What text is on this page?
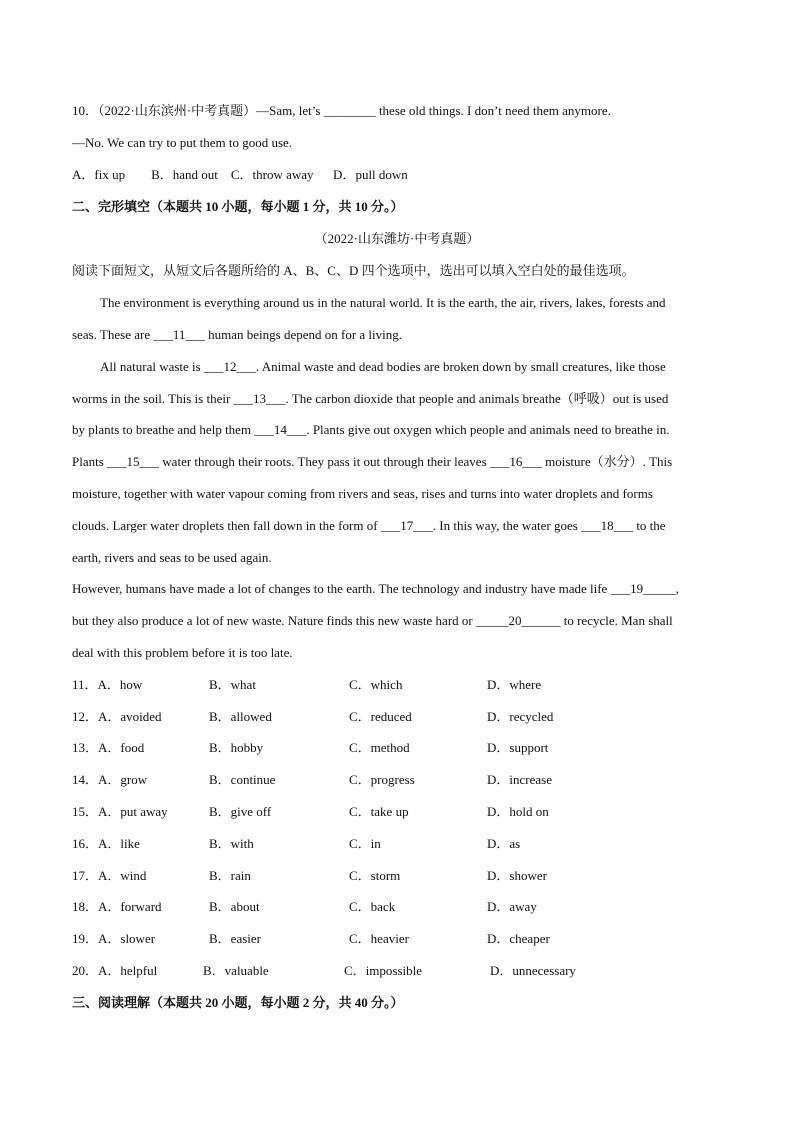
10．（2022·山东滨州·中考真题）—Sam, let’s ________ these old things. I don’t need them anymore.
—No. We can try to put them to good use.
A．fix up        B．hand out    C．throw away      D．pull down
二、完形填空（本题共 10 小题，每小题 1 分，共 10 分。）
（2022·山东潍坊·中考真题）
阅读下面短文，从短文后各题所给的 A、B、C、D 四个选项中，选出可以填入空白处的最佳选项。
The environment is everything around us in the natural world. It is the earth, the air, rivers, lakes, forests and
seas. These are ___11___ human beings depend on for a living.
All natural waste is ___12___. Animal waste and dead bodies are broken down by small creatures, like those
worms in the soil. This is their ___13___. The carbon dioxide that people and animals breathe（呼吸）out is used
by plants to breathe and help them ___14___. Plants give out oxygen which people and animals need to breathe in.
Plants ___15___ water through their roots. They pass it out through their leaves ___16___ moisture（水分）. This
moisture, together with water vapour coming from rivers and seas, rises and turns into water droplets and forms
clouds. Larger water droplets then fall down in the form of ___17___. In this way, the water goes ___18___ to the
earth, rivers and seas to be used again.
However, humans have made a lot of changes to the earth. The technology and industry have made life ___19_____,
but they also produce a lot of new waste. Nature finds this new waste hard or _____20______ to recycle. Man shall
deal with this problem before it is too late.
11．A．how	B．what	C．which	D．where
12．A．avoided	B．allowed	C．reduced	D．recycled
13．A．food	B．hobby	C．method	D．support
14．A．grow	B．continue	C．progress	D．increase
15．A．put away	B．give off	C．take up	D．hold on
16．A．like	B．with	C．in	D．as
17．A．wind	B．rain	C．storm	D．shower
18．A．forward	B．about	C．back	D．away
19．A．slower	B．easier	C．heavier	D．cheaper
20．A．helpful	B．valuable	C．impossible	D．unnecessary
三、阅读理解（本题共 20 小题，每小题 2 分，共 40 分。）
